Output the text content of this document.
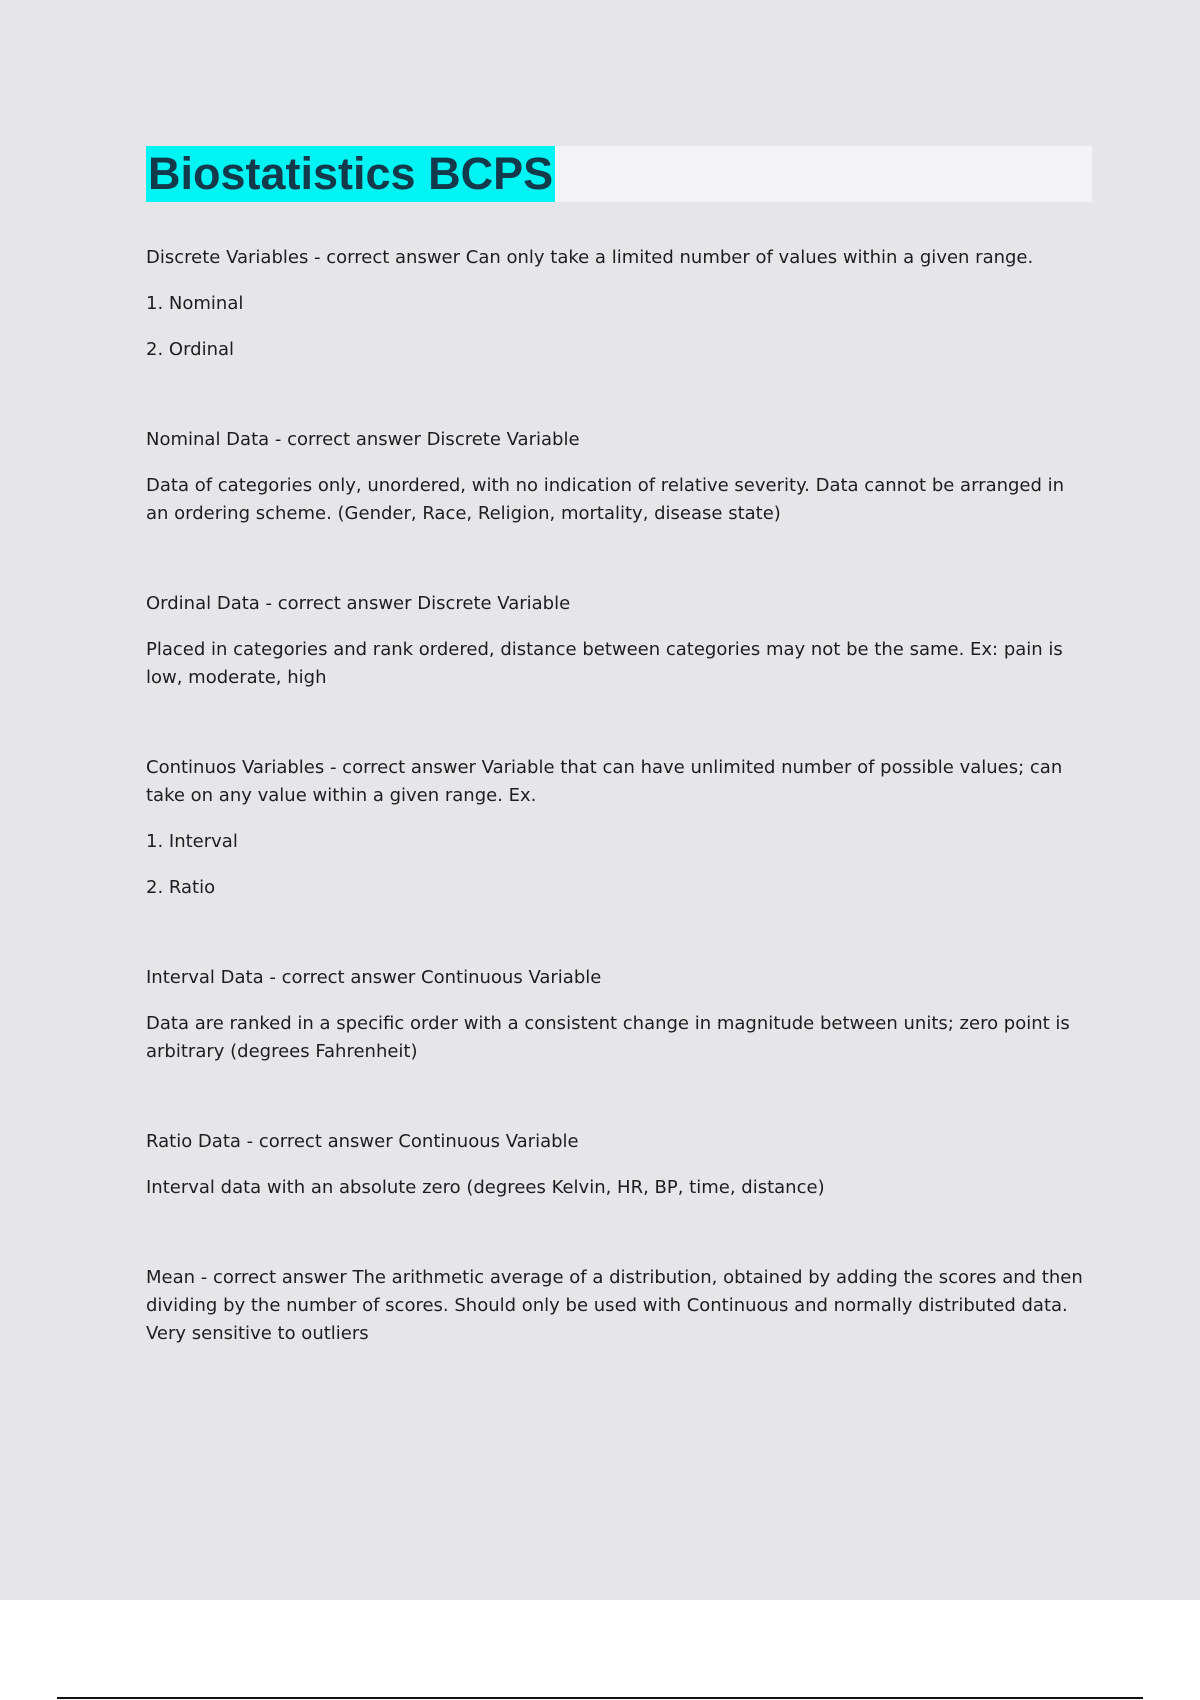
Biostatistics BCPS
Discrete Variables - correct answer Can only take a limited number of values within a given range.
1. Nominal
2. Ordinal
Nominal Data - correct answer Discrete Variable
Data of categories only, unordered, with no indication of relative severity. Data cannot be arranged in an ordering scheme. (Gender, Race, Religion, mortality, disease state)
Ordinal Data - correct answer Discrete Variable
Placed in categories and rank ordered, distance between categories may not be the same. Ex: pain is low, moderate, high
Continuos Variables - correct answer Variable that can have unlimited number of possible values; can take on any value within a given range. Ex.
1. Interval
2. Ratio
Interval Data - correct answer Continuous Variable
Data are ranked in a specific order with a consistent change in magnitude between units; zero point is arbitrary (degrees Fahrenheit)
Ratio Data - correct answer Continuous Variable
Interval data with an absolute zero (degrees Kelvin, HR, BP, time, distance)
Mean - correct answer The arithmetic average of a distribution, obtained by adding the scores and then dividing by the number of scores. Should only be used with Continuous and normally distributed data. Very sensitive to outliers
